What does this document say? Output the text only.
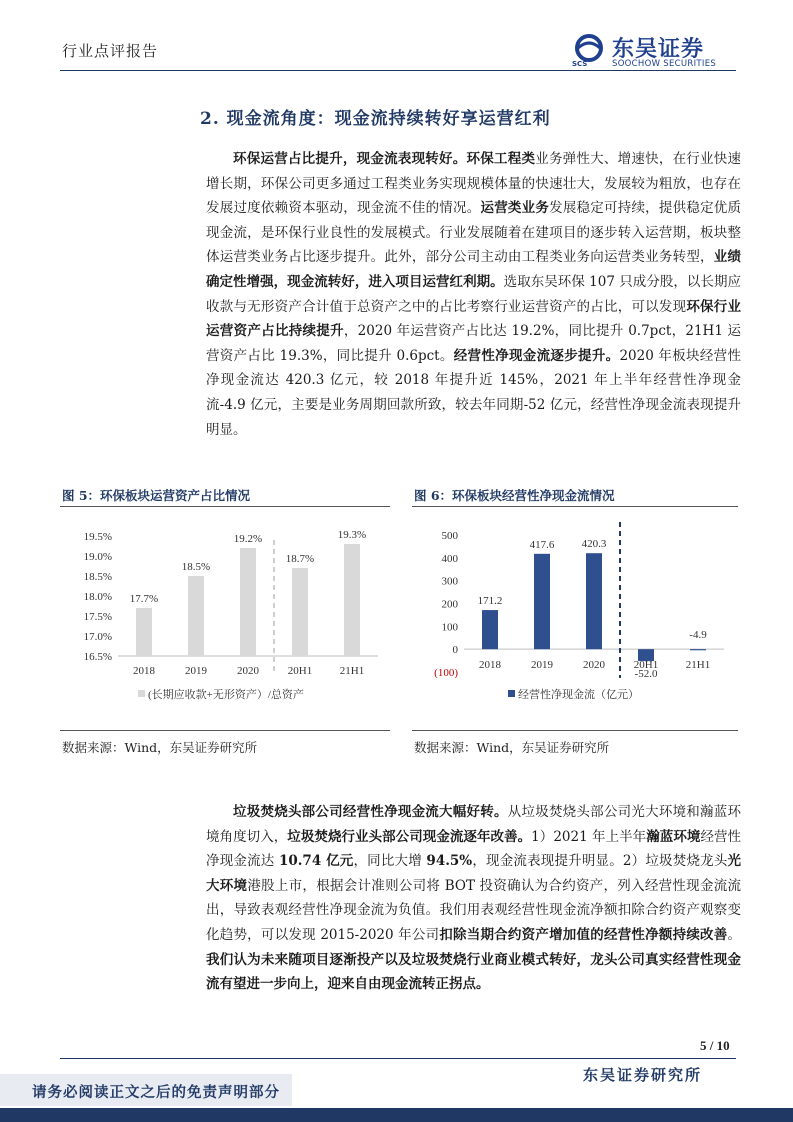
行业点评报告
SCS
东吴证券
SOOCHOW SECURITIES
2. 现金流角度：现金流持续转好享运营红利
环保运营占比提升，现金流表现转好。环保工程类业务弹性大、增速快，在行业快速增长期，环保公司更多通过工程类业务实现规模体量的快速壮大，发展较为粗放，也存在发展过度依赖资本驱动，现金流不佳的情况。运营类业务发展稳定可持续，提供稳定优质现金流，是环保行业良性的发展模式。行业发展随着在建项目的逐步转入运营期，板块整体运营类业务占比逐步提升。此外，部分公司主动由工程类业务向运营类业务转型，业绩确定性增强，现金流转好，进入项目运营红利期。选取东吴环保 107 只成分股，以长期应收款与无形资产合计值于总资产之中的占比考察行业运营资产的占比，可以发现环保行业运营资产占比持续提升，2020 年运营资产占比达 19.2%，同比提升 0.7pct，21H1 运营资产占比 19.3%，同比提升 0.6pct。经营性净现金流逐步提升。2020 年板块经营性净现金流达 420.3 亿元，较 2018 年提升近 145%，2021 年上半年经营性净现金流-4.9 亿元，主要是业务周期回款所致，较去年同期-52 亿元，经营性净现金流表现提升明显。
图 5：环保板块运营资产占比情况
19.5%
19.0%
18.5%
18.0%
17.5%
17.0%
16.5%
17.7%
2018
18.5%
2019
19.2%
2020
18.7%
20H1
19.3%
21H1
(长期应收款+无形资产）/总资产
数据来源：Wind，东吴证券研究所
图 6：环保板块经营性净现金流情况
500
400
300
200
100
0
(100)
171.2
2018
417.6
2019
420.3
2020
-52.0
20H1
-4.9
21H1
经营性净现金流（亿元）
数据来源：Wind，东吴证券研究所
垃圾焚烧头部公司经营性净现金流大幅好转。从垃圾焚烧头部公司光大环境和瀚蓝环境角度切入，垃圾焚烧行业头部公司现金流逐年改善。1）2021 年上半年瀚蓝环境经营性净现金流达 10.74 亿元，同比大增 94.5%，现金流表现提升明显。2）垃圾焚烧龙头光大环境港股上市，根据会计准则公司将 BOT 投资确认为合约资产，列入经营性现金流流出，导致表观经营性净现金流为负值。我们用表观经营性现金流净额扣除合约资产观察变化趋势，可以发现 2015-2020 年公司扣除当期合约资产增加值的经营性净额持续改善。我们认为未来随项目逐渐投产以及垃圾焚烧行业商业模式转好，龙头公司真实经营性现金流有望进一步向上，迎来自由现金流转正拐点。
5 / 10
请务必阅读正文之后的免责声明部分
东吴证券研究所
